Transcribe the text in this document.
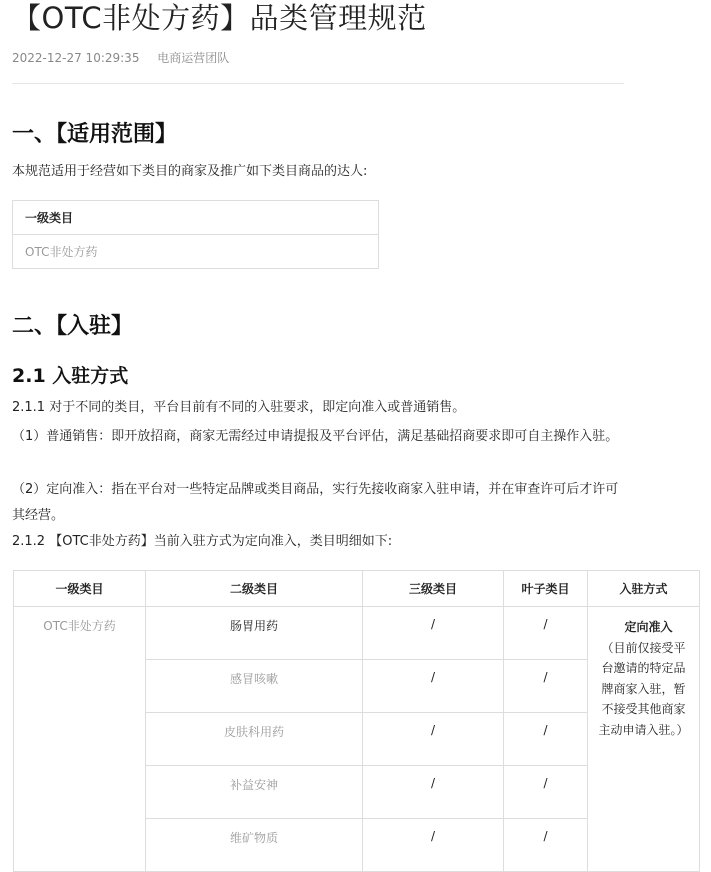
【OTC非处方药】品类管理规范
2022-12-27 10:29:35 电商运营团队
一、【适用范围】

本规范适用于经营如下类目的商家及推广如下类目商品的达人:

一级类目
OTC非处方药
二、【入驻】
2.1 入驻方式

2.1.1 对于不同的类目，平台目前有不同的入驻要求，即定向准入或普通销售。

（1）普通销售：即开放招商，商家无需经过申请提报及平台评估，满足基础招商要求即可自主操作入驻。

（2）定向准入：指在平台对一些特定品牌或类目商品，实行先接收商家入驻申请，并在审查许可后才许可其经营。

2.1.2 【OTC非处方药】当前入驻方式为定向准入，类目明细如下:

一级类目	二级类目	三级类目	叶子类目	入驻方式
OTC非处方药	肠胃用药	/	/	定向准入
（目前仅接受平台邀请的特定品牌商家入驻，暂不接受其他商家主动申请入驻。）

	感冒咳嗽	/	/	
	皮肤科用药	/	/	
	补益安神	/	/	
	维矿物质	/	/	
